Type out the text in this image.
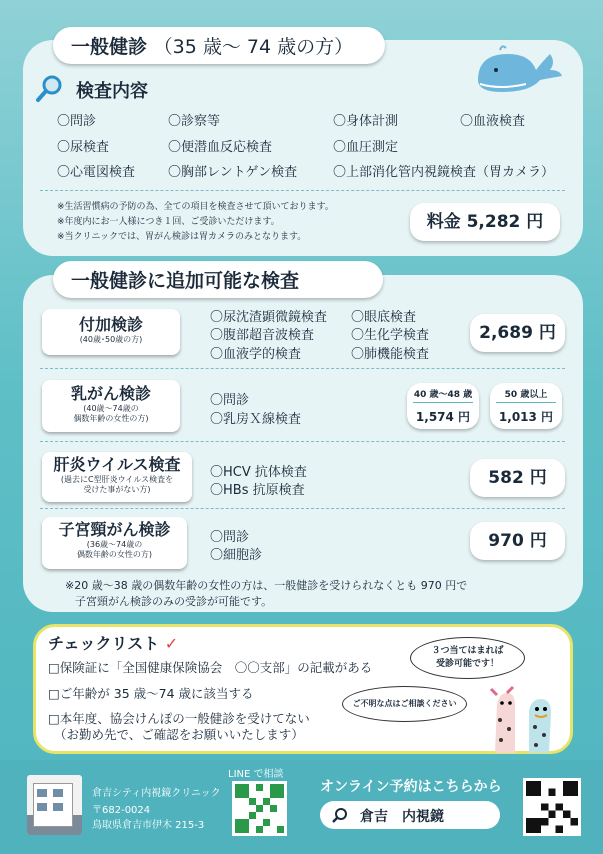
一般健診 （35 歳～ 74 歳の方）
検査内容
〇問診	〇診察等	〇身体計測	〇血液検査
〇尿検査	〇便潜血反応検査	〇血圧測定
〇心電図検査	〇胸部レントゲン検査	〇上部消化管内視鏡検査（胃カメラ）
※生活習慣病の予防の為、全ての項目を検査させて頂いております。
※年度内にお一人様につき１回、ご受診いただけます。
※当クリニックでは、胃がん検診は胃カメラのみとなります。
料金 5,282 円
一般健診に追加可能な検査
付加検診
(40歳･50歳の方)
〇尿沈渣顕微鏡検査
〇腹部超音波検査
〇血液学的検査
〇眼底検査
〇生化学検査
〇肺機能検査
2,689 円
乳がん検診
(40歳～74歳の
偶数年齢の女性の方)
〇問診
〇乳房Ｘ線検査
40 歳～48 歳
1,574 円
50 歳以上
1,013 円
肝炎ウイルス検査
(過去にC型肝炎ウイルス検査を
受けた事がない方)
〇HCV 抗体検査
〇HBs 抗原検査
582 円
子宮頸がん検診
(36歳～74歳の
偶数年齢の女性の方)
〇問診
〇細胞診
970 円
※20 歳～38 歳の偶数年齢の女性の方は、一般健診を受けられなくとも 970 円で
子宮頸がん検診のみの受診が可能です。
チェックリスト ✓
□保険証に「全国健康保険協会　〇〇支部」の記載がある
□ご年齢が 35 歳～74 歳に該当する
□本年度、協会けんぽの一般健診を受けてない
（お勤め先で、ご確認をお願いいたします）
３つ当てはまれば
受診可能です！
ご不明な点はご相談ください
倉吉シティ内視鏡クリニック
〒682-0024
鳥取県倉吉市伊木 215-3
LINE で相談
オンライン予約はこちらから
倉吉　内視鏡
